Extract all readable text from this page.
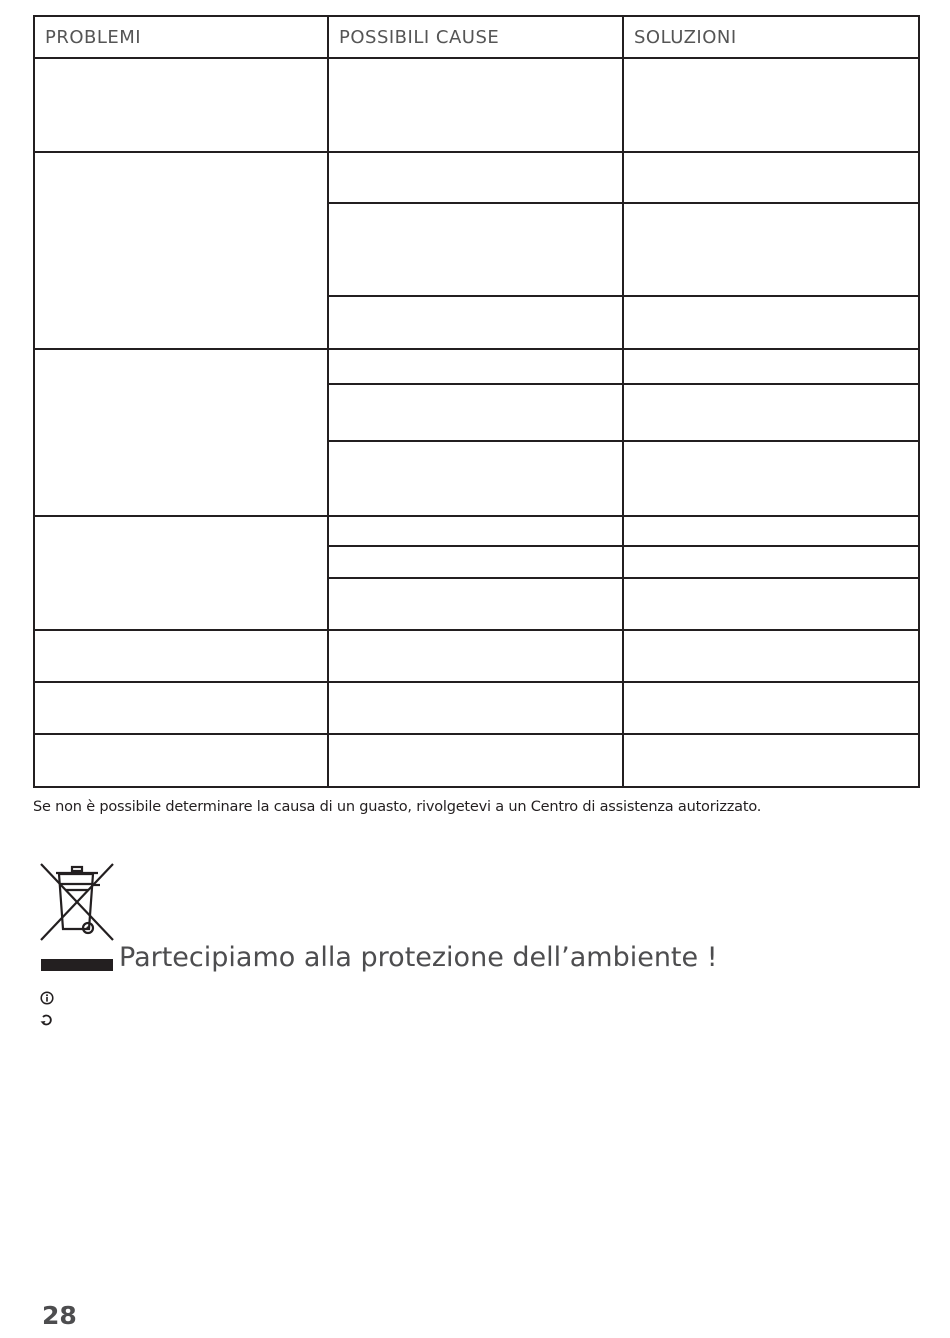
PROBLEMI	POSSIBILI CAUSE	SOLUZIONI

Se non è possibile determinare la causa di un guasto, rivolgetevi a un Centro di assistenza autorizzato.
Partecipiamo alla protezione dell’ambiente !
28
